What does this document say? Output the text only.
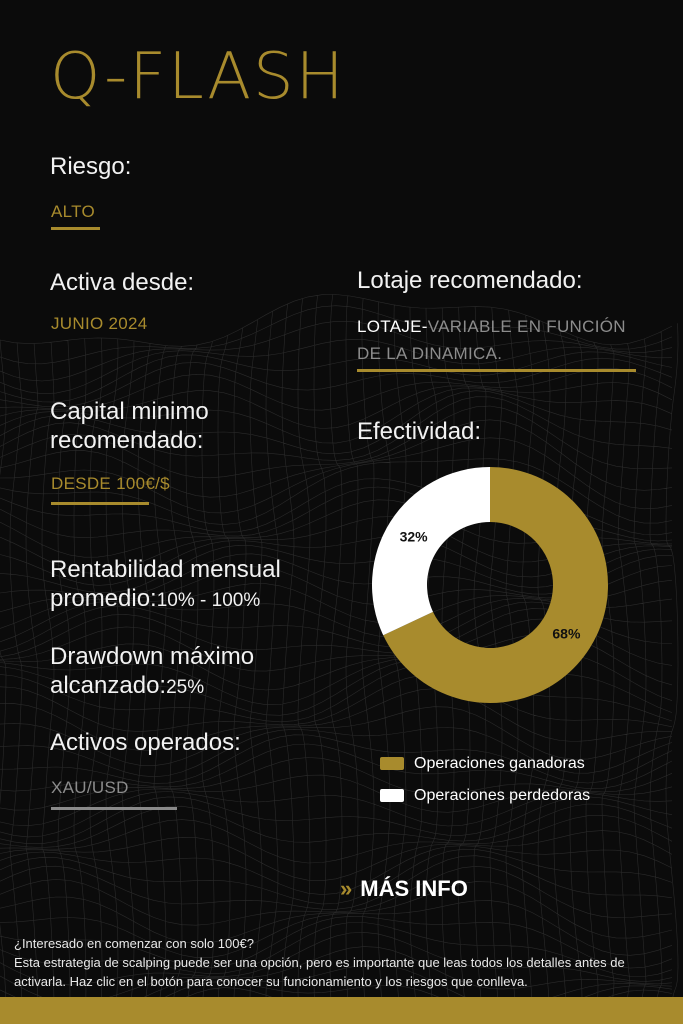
Q-FLASH
Riesgo:
ALTO
Activa desde:
JUNIO 2024
Lotaje recomendado:
LOTAJE-VARIABLE EN FUNCIÓN
DE LA DINAMICA.
Capital minimo
recomendado:
DESDE 100€/$
Efectividad:
68%
32%
Operaciones ganadoras
Operaciones perdedoras
Rentabilidad mensual
promedio:10% - 100%
Drawdown máximo
alcanzado:25%
Activos operados:
XAU/USD
» MÁS INFO
¿Interesado en comenzar con solo 100€?
Esta estrategia de scalping puede ser una opción, pero es importante que leas todos los detalles antes de activarla. Haz clic en el botón para conocer su funcionamiento y los riesgos que conlleva.
